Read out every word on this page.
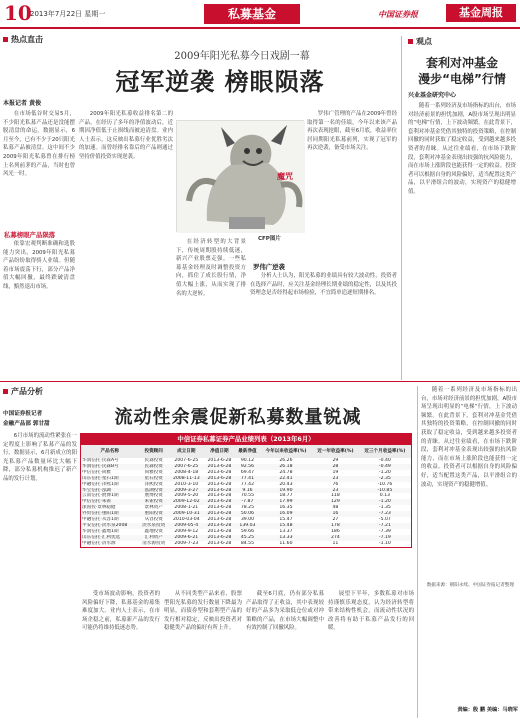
10
2013年7月22日 星期一	私募基金	中国证券报	基金周报
热点直击
2009年阳光私募今日戏剧一幕
冠军逆袭 榜眼陨落
本报记者 黄俊

在市场低谷时交易5月，不少阳光私募产品还是没能摆脱清盘的命运。数据显示，6月至今，已有不少于20只阳光私募产品被清盘。这中间不少2009年阳光私募曾在排行榜上名列前茅的产品，当时也曾风光一时。

依靠宏观判断准确和选股能力突出，2009年阳光私募产品纷纷取得骄人业绩。但随着市场震荡下行，部分产品净值大幅回撤，最终跌破清盘线，黯然退出市场。

私募榜眼产品陨落

2009年阳光私募收益排名第二的产品，在经历了多年的净值波动后，近期因净值低于止损线而被迫清盘。业内人士表示，这反映出私募行业优胜劣汰的加速。而曾经排名靠后的产品则通过坚持价值投资实现逆袭。

魔咒
CFP图片

在经济转型的大背景下，传统周期股持续低迷，新兴产业股票走强。一些私募基金经理及时调整投资方向，抓住了成长股行情，净值大幅上涨，从而实现了排名的大逆转。

罗伟广管理的产品在2009年曾经取得第一名的佳绩，今年以来该产品再次表现抢眼，截至6月底，收益率位居同期阳光私募前列，实现了冠军的再次逆袭，备受市场关注。

罗伟广逆袭

分析人士认为，阳光私募的业绩具有较大波动性，投资者在选择产品时，应关注基金经理长期业绩的稳定性，以及其投资理念是否经得起市场检验，不宜简单追逐短期排名。

观点
套利对冲基金
漫步“电梯”行情
兴业基金研究中心

随着一系列经济及市场指标的出台，市场对经济前景的担忧加剧，A股市场呈现出明显的“电梯”行情，上下波动频繁。在此背景下，套利对冲基金凭借其独特的投资策略，在控制回撤的同时获取了稳定收益，受到越来越多投资者的青睐。从过往业绩看，在市场下跌阶段，套利对冲基金表现出较强的抗风险能力，而在市场上涨阶段也能获得一定的收益。投资者可以根据自身的风险偏好，适当配置这类产品，以平滑组合的波动，实现资产的稳健增值。

产品分析
流动性余震促新私募数量锐减
中国证券报记者
金融产品部 郭甘甜

6月市场的流动性紧张在一定程度上影响了私募产品的发行，数据显示，6月新成立的阳光私募产品数量环比大幅下降，部分私募机构推迟了新产品的发行计划。

中信证券私募证券产品业绩列表（2013年6月）
产品名称	投资顾问	成立日期	净值日期	最新净值	今年以来收益率(%)	近一年收益率(%)	近三个月收益率(%)
华润信托·民森A号	民森投资	2007-6-25	2013-6-28	90.12	26.26	29	-0.40
华润信托·民森B号	民森投资	2007-6-25	2013-6-28	92.56	26.18	28	-0.49
中信信托·尚雅	尚雅投资	2008-4-18	2013-6-28	69.47	24.78	19	-1.20
山东信托·星石1期	星石投资	2008-11-13	2013-6-28	77.41	22.41	23	-2.35
中融信托·泽熙1期	泽熙投资	2010-3-10	2013-6-28	77.42	20.43	76	-10.76
华宝信托·泓湖	泓湖投资	2009-3-27	2013-6-28	9.16	19.90	23	-10.85
云南信托·展博1期	展博投资	2009-5-20	2013-6-28	70.55	18.77	118	0.13
中信信托·朱雀	朱雀投资	2009-12-02	2013-6-28	-7.87	17.99	129	-1.20
深国投·景林稳健	景林资产	2008-1-21	2013-6-28	78.25	16.35	48	-1.35
外贸信托·重阳1期	重阳投资	2009-10-31	2013-6-28	50.06	16.09	16	-7.23
中融信托·从容1期	从容投资	2010-03-04	2013-6-28	39.00	15.47	27	-5.07
平安信托·淡水泉2008	淡水泉投资	2009-05-4	2013-6-28	139.03	15.48	178	-7.21
华润信托·鑫地1期	鑫地投资	2009-9-12	2013-6-28	59.66	13.37	186	-7.39
山东信托·汇利优选	汇利资产	2009-6-21	2013-6-28	45.25	13.33	274	-7.19
中融信托·清水源	清水源投资	2009-7-23	2013-6-28	84.55	11.60	11	-1.10
数据来源：朝阳永续、中国证券报记者整理

受市场波动影响，投资者的风险偏好下降，私募基金的募集难度加大。业内人士表示，在市场企稳之前，私募新产品的发行可能仍将维持低迷态势。

从不同类型产品来看，股票型阳光私募的发行数量下降最为明显，而债券型和套利型产品的发行相对稳定，反映出投资者对稳健类产品的偏好有所上升。

截至6月底，仍有部分私募产品取得了正收益，其中表现较好的产品多为采取低仓位或对冲策略的产品，在市场大幅调整中有效控制了回撤风险。

展望下半年，多数私募对市场持谨慎乐观态度，认为经济转型将带来结构性机会，而流动性状况的改善将有助于私募产品发行的回暖。

随着一系列经济及市场指标的出台，市场对经济前景的担忧加剧，A股市场呈现出明显的“电梯”行情，上下波动频繁。在此背景下，套利对冲基金凭借其独特的投资策略，在控制回撤的同时获取了稳定收益，受到越来越多投资者的青睐。从过往业绩看，在市场下跌阶段，套利对冲基金表现出较强的抗风险能力，而在市场上涨阶段也能获得一定的收益。投资者可以根据自身的风险偏好，适当配置这类产品，以平滑组合的波动，实现资产的稳健增值。

责编：殷 鹏 美编：马晓军
